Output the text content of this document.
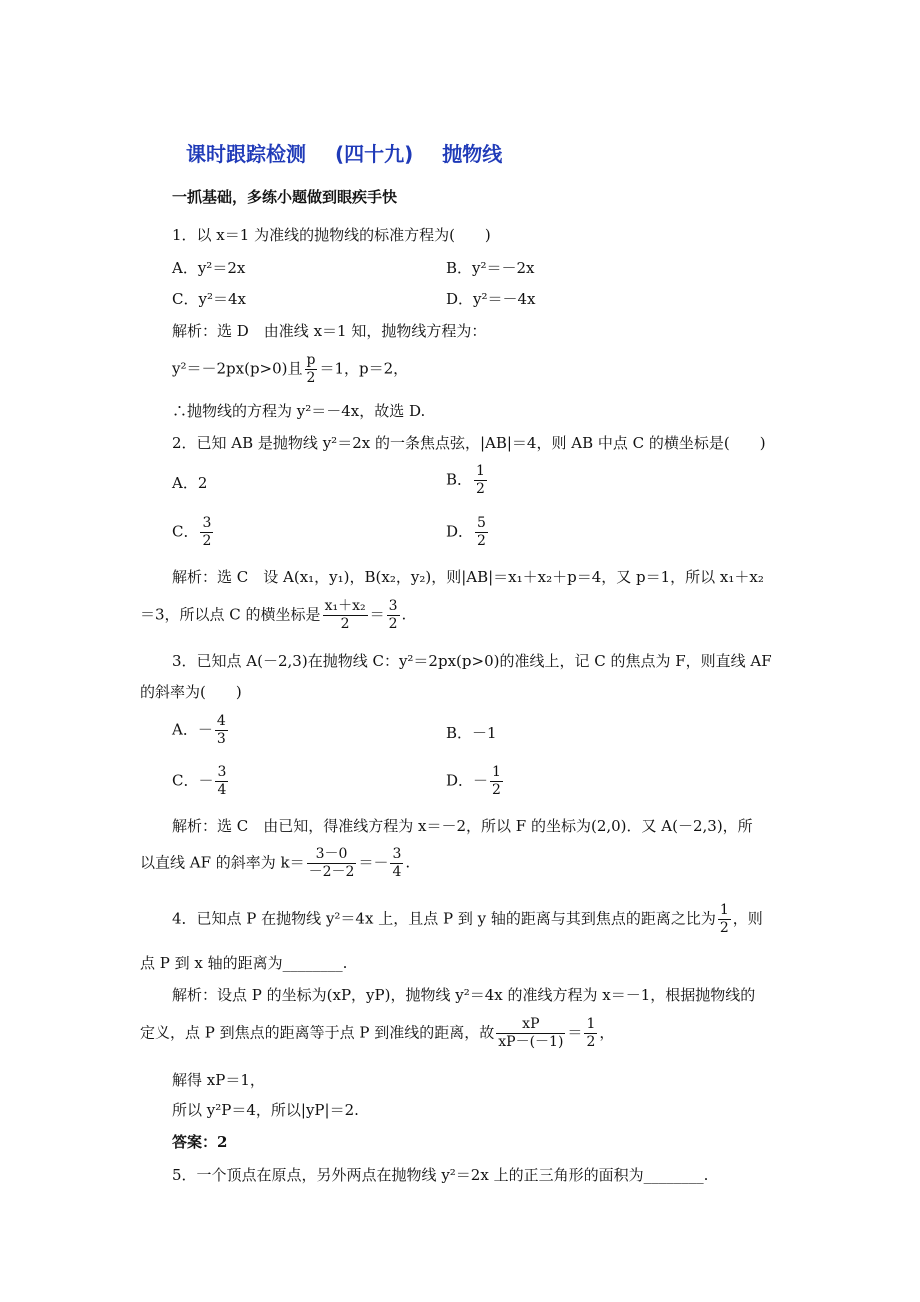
课时跟踪检测 (四十九) 抛物线
一抓基础，多练小题做到眼疾手快
1．以 x＝1 为准线的抛物线的标准方程为(　　)
A．y²＝2x	B．y²＝－2x
C．y²＝4x	D．y²＝－4x
解析：选 D　由准线 x＝1 知，抛物线方程为：
y²＝－2px(p>0)且 $\frac{p}{2} =1$，p＝2，
∴抛物线的方程为 y²＝－4x，故选 D.
2．已知 AB 是抛物线 y²＝2x 的一条焦点弦，|AB|＝4，则 AB 中点 C 的横坐标是(　　)
A．2	B． $\frac{1}{2}$
C． $\frac{3}{2}$	D． $\frac{5}{2}$
解析：选 C　设 A(x₁，y₁)，B(x₂，y₂)，则|AB|＝x₁＋x₂＋p＝4，又 p＝1，所以 x₁＋x₂
＝3，所以点 C 的横坐标是 $\frac{\text{x₁＋x₂}}{2} = \frac{3}{2}$ .
3．已知点 A(－2,3)在抛物线 C：y²＝2px(p>0)的准线上，记 C 的焦点为 F，则直线 AF
的斜率为(　　)
A．－ $\frac{4}{3}$	B．－1
C．－ $\frac{3}{4}$	D．－ $\frac{1}{2}$
解析：选 C　由已知，得准线方程为 x＝－2，所以 F 的坐标为(2,0)．又 A(－2,3)，所
以直线 AF 的斜率为 $k= \frac{3-0}{-2-2} =- \frac{3}{4}$ .
4．已知点 P 在抛物线 y²＝4x 上，且点 P 到 y 轴的距离与其到焦点的距离之比为 $\frac{1}{2}$ ，则
点 P 到 x 轴的距离为________.
解析：设点 P 的坐标为(xP，yP)，抛物线 y²＝4x 的准线方程为 x＝－1，根据抛物线的
定义，点 P 到焦点的距离等于点 P 到准线的距离，故 $\frac{xP}{xP-(-1)} = \frac{1}{2}$ ，
解得 xP＝1，
所以 y²P＝4，所以|yP|＝2.
答案：2
5．一个顶点在原点，另外两点在抛物线 y²＝2x 上的正三角形的面积为________.
